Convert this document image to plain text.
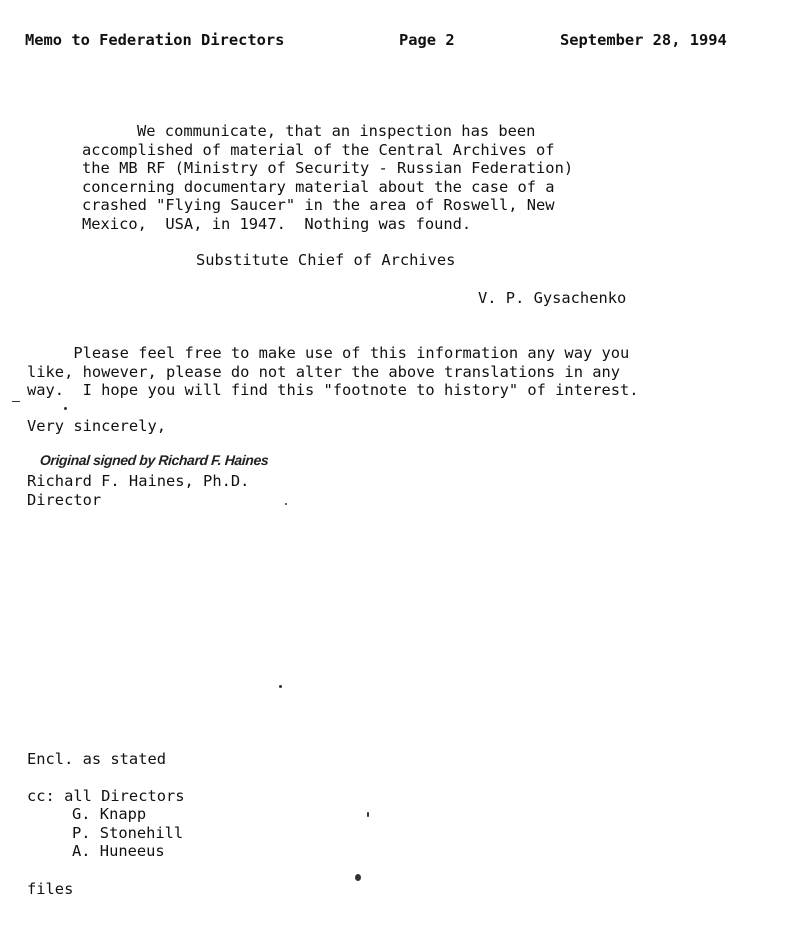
Memo to Federation Directors	Page 2	September 28, 1994
We communicate, that an inspection has been
accomplished of material of the Central Archives of
the MB RF (Ministry of Security - Russian Federation)
concerning documentary material about the case of a
crashed "Flying Saucer" in the area of Roswell, New
Mexico,  USA, in 1947.  Nothing was found.
Substitute Chief of Archives
V. P. Gysachenko
Please feel free to make use of this information any way you
like, however, please do not alter the above translations in any
way.  I hope you will find this "footnote to history" of interest.
Very sincerely,
Original signed by Richard F. Haines
Richard F. Haines, Ph.D.
Director
Encl. as stated
cc: all Directors
G. Knapp
P. Stonehill
A. Huneeus
files
